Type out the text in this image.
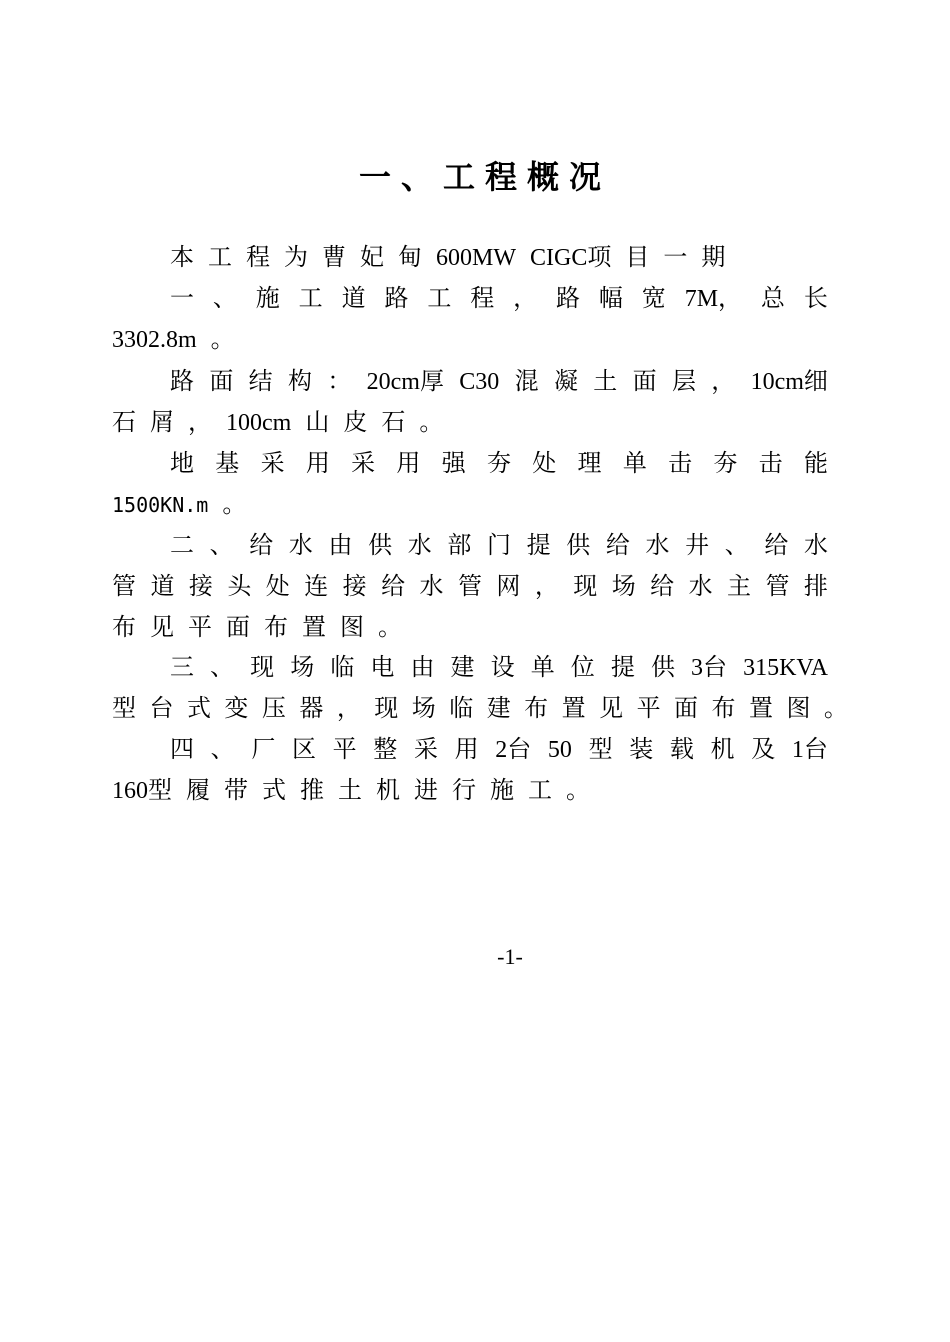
一、工程概况
本 工 程 为 曹 妃 甸 600MW CIGC项 目 一 期
一 、 施 工 道 路 工 程 ， 路 幅 宽 7M， 总 长
3302.8m 。
路 面 结 构 ： 20cm厚 C30 混 凝 土 面 层 ， 10cm细
石 屑 ， 100cm 山 皮 石 。
地 基 采 用 采 用 强 夯 处 理 单 击 夯 击 能
1500KN.m 。
二 、 给 水 由 供 水 部 门 提 供 给 水 井 、 给 水
管 道 接 头 处 连 接 给 水 管 网 ， 现 场 给 水 主 管 排
布 见 平 面 布 置 图 。
三 、 现 场 临 电 由 建 设 单 位 提 供 3台 315KVA
型 台 式 变 压 器 ， 现 场 临 建 布 置 见 平 面 布 置 图 。
四 、 厂 区 平 整 采 用 2台 50 型 装 载 机 及 1台
160型 履 带 式 推 土 机 进 行 施 工 。
-1-
